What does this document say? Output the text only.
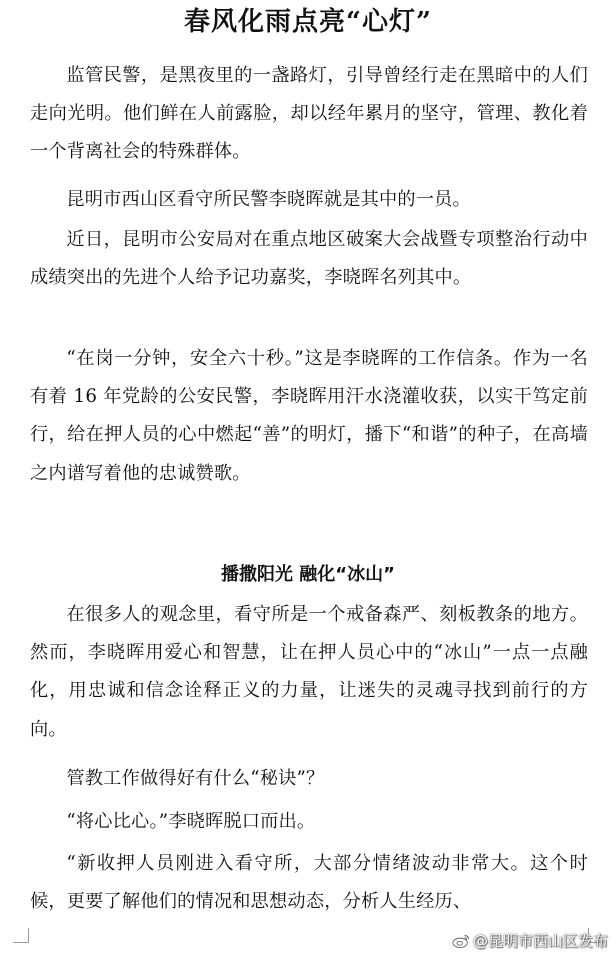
春风化雨点亮“心灯”

监管民警，是黑夜里的一盏路灯，引导曾经行走在黑暗中的人们走向光明。他们鲜在人前露脸，却以经年累月的坚守，管理、教化着一个背离社会的特殊群体。

昆明市西山区看守所民警李晓晖就是其中的一员。

近日，昆明市公安局对在重点地区破案大会战暨专项整治行动中成绩突出的先进个人给予记功嘉奖，李晓晖名列其中。

“在岗一分钟，安全六十秒。”这是李晓晖的工作信条。作为一名有着 16 年党龄的公安民警，李晓晖用汗水浇灌收获，以实干笃定前行，给在押人员的心中燃起“善”的明灯，播下“和谐”的种子，在高墙之内谱写着他的忠诚赞歌。

播撒阳光 融化“冰山”

在很多人的观念里，看守所是一个戒备森严、刻板教条的地方。然而，李晓晖用爱心和智慧，让在押人员心中的“冰山”一点一点融化，用忠诚和信念诠释正义的力量，让迷失的灵魂寻找到前行的方向。

管教工作做得好有什么“秘诀”？

“将心比心。”李晓晖脱口而出。

“新收押人员刚进入看守所，大部分情绪波动非常大。这个时候，更要了解他们的情况和思想动态，分析人生经历、

@昆明市西山区发布
